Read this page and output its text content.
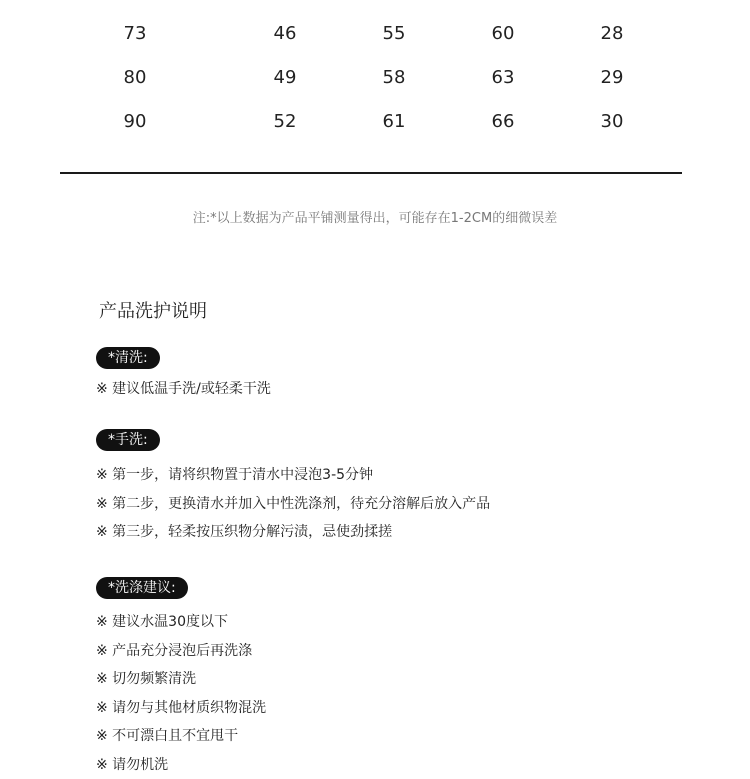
73	46	55	60	28
80	49	58	63	29
90	52	61	66	30
注:*以上数据为产品平铺测量得出，可能存在1-2CM的细微误差
产品洗护说明
*清洗:
※ 建议低温手洗/或轻柔干洗
*手洗:
※ 第一步，请将织物置于清水中浸泡3-5分钟
※ 第二步，更换清水并加入中性洗涤剂，待充分溶解后放入产品
※ 第三步，轻柔按压织物分解污渍，忌使劲揉搓
*洗涤建议:
※ 建议水温30度以下
※ 产品充分浸泡后再洗涤
※ 切勿频繁清洗
※ 请勿与其他材质织物混洗
※ 不可漂白且不宜甩干
※ 请勿机洗
